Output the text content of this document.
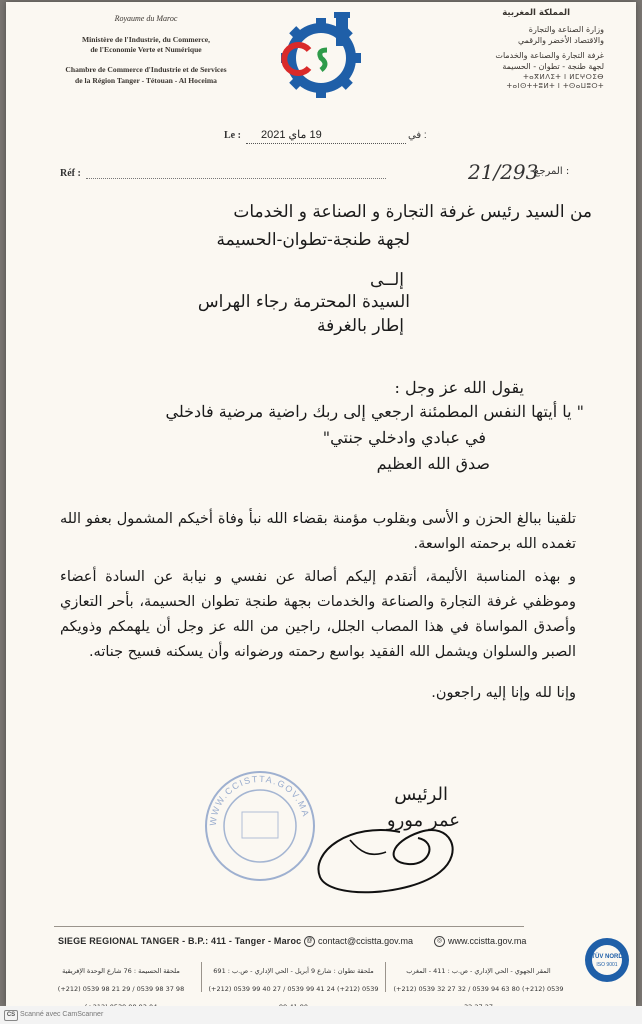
Royaume du Maroc
Ministère de l'Industrie, du Commerce,
de l'Economie Verte et Numérique
Chambre de Commerce d'Industrie et de Services
de la Région Tanger - Tétouan - Al Hoceima
المملكة المغربية
وزارة الصناعة والتجارة
والاقتصاد الأخضر والرقمي
غرفة التجارة والصناعة والخدمات
لجهة طنجة - تطوان - الحسيمة
ⵜⴰⴳⵍⴷⵉⵜ ⵏ ⵍⵎⵖⵔⵉⴱ
ⵜⴰⵏⵙⵜⵜⵓⵍⵜ ⵏ ⵜⵙⴰⵡⵓⵔⵜ
Le : 19 ماي 2021	في :
Réf :	21/293
المرجع :
من السيد رئيس غرفة التجارة و الصناعة و الخدمات
لجهة طنجة-تطوان-الحسيمة
إلــى
السيدة المحترمة رجاء الهراس
إطار بالغرفة
يقول الله عز وجل :
" يا أيتها النفس المطمئنة ارجعي إلى ربك راضية مرضية فادخلي
في عبادي وادخلي جنتي"
صدق الله العظيم
تلقينا ببالغ الحزن و الأسى وبقلوب مؤمنة بقضاء الله نبأ وفاة أخيكم المشمول بعفو الله تغمده الله برحمته الواسعة.
و بهذه المناسبة الأليمة، أتقدم إليكم أصالة عن نفسي و نيابة عن السادة أعضاء وموظفي غرفة التجارة والصناعة والخدمات بجهة طنجة تطوان الحسيمة، بأحر التعازي وأصدق المواساة في هذا المصاب الجلل، راجين من الله عز وجل أن يلهمكم وذويكم الصبر والسلوان ويشمل الله الفقيد بواسع رحمته ورضوانه وأن يسكنه فسيح جناته.
وإنا لله وإنا إليه راجعون.
WWW.CCISTTA.GOV.MA
الرئيس
عمر مورو
SIEGE REGIONAL TANGER - B.P.: 411 - Tanger - Maroc @ contact@ccistta.gov.ma	◎ www.ccistta.gov.ma
المقر الجهوي - الحي الإداري - ص.ب : 411 - المغرب
(+212) 0539 32 27 32 / 0539 94 63 80 (+212) 0539
ملحقة تطوان : شارع 9 أبريل - الحي الإداري - ص.ب : 691
(+212) 0539 99 40 27 / 0539 99 41 24 (+212) 0539
ملحقة الحسيمة : 76 شارع الوحدة الإفريقية
(+212) 0539 98 21 29 / 0539 98 37 98
TÜV NORD
ISO 9001
CS Scanné avec CamScanner
